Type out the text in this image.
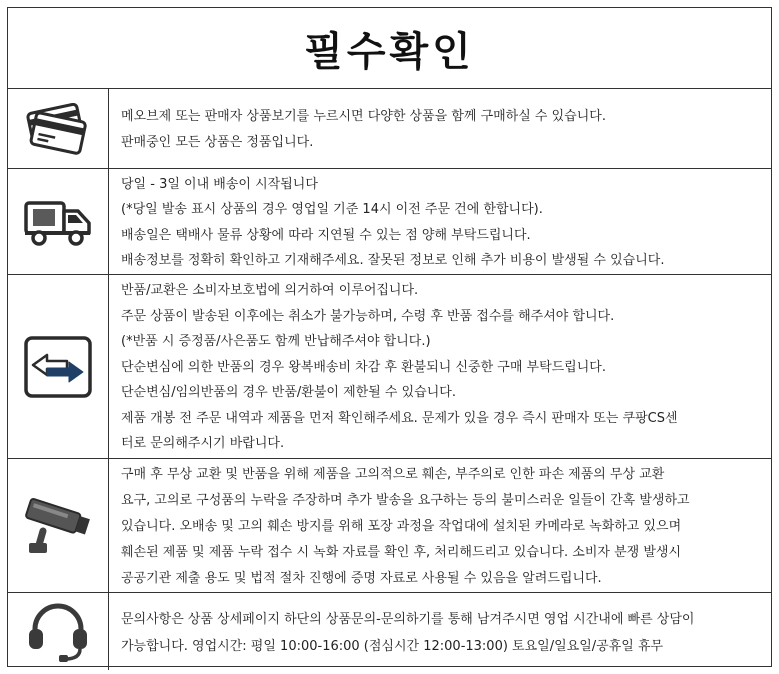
필수확인
메오브제 또는 판매자 상품보기를 누르시면 다양한 상품을 함께 구매하실 수 있습니다.
판매중인 모든 상품은 정품입니다.
당일 - 3일 이내 배송이 시작됩니다
(*당일 발송 표시 상품의 경우 영업일 기준 14시 이전 주문 건에 한합니다).
배송일은 택배사 물류 상황에 따라 지연될 수 있는 점 양해 부탁드립니다.
배송정보를 정확히 확인하고 기재해주세요. 잘못된 정보로 인해 추가 비용이 발생될 수 있습니다.
반품/교환은 소비자보호법에 의거하여 이루어집니다.
주문 상품이 발송된 이후에는 취소가 불가능하며, 수령 후 반품 접수를 해주셔야 합니다.
(*반품 시 증정품/사은품도 함께 반납해주셔야 합니다.)
단순변심에 의한 반품의 경우 왕복배송비 차감 후 환불되니 신중한 구매 부탁드립니다.
단순변심/임의반품의 경우 반품/환불이 제한될 수 있습니다.
제품 개봉 전 주문 내역과 제품을 먼저 확인해주세요. 문제가 있을 경우 즉시 판매자 또는 쿠팡CS센
터로 문의해주시기 바랍니다.
구매 후 무상 교환 및 반품을 위해 제품을 고의적으로 훼손, 부주의로 인한 파손 제품의 무상 교환
요구, 고의로 구성품의 누락을 주장하며 추가 발송을 요구하는 등의 불미스러운 일들이 간혹 발생하고
있습니다. 오배송 및 고의 훼손 방지를 위해 포장 과정을 작업대에 설치된 카메라로 녹화하고 있으며
훼손된 제품 및 제품 누락 접수 시 녹화 자료를 확인 후, 처리해드리고 있습니다. 소비자 분쟁 발생시
공공기관 제출 용도 및 법적 절차 진행에 증명 자료로 사용될 수 있음을 알려드립니다.
문의사항은 상품 상세페이지 하단의 상품문의-문의하기를 통해 남겨주시면 영업 시간내에 빠른 상담이
가능합니다. 영업시간: 평일 10:00-16:00 (점심시간 12:00-13:00) 토요일/일요일/공휴일 휴무
